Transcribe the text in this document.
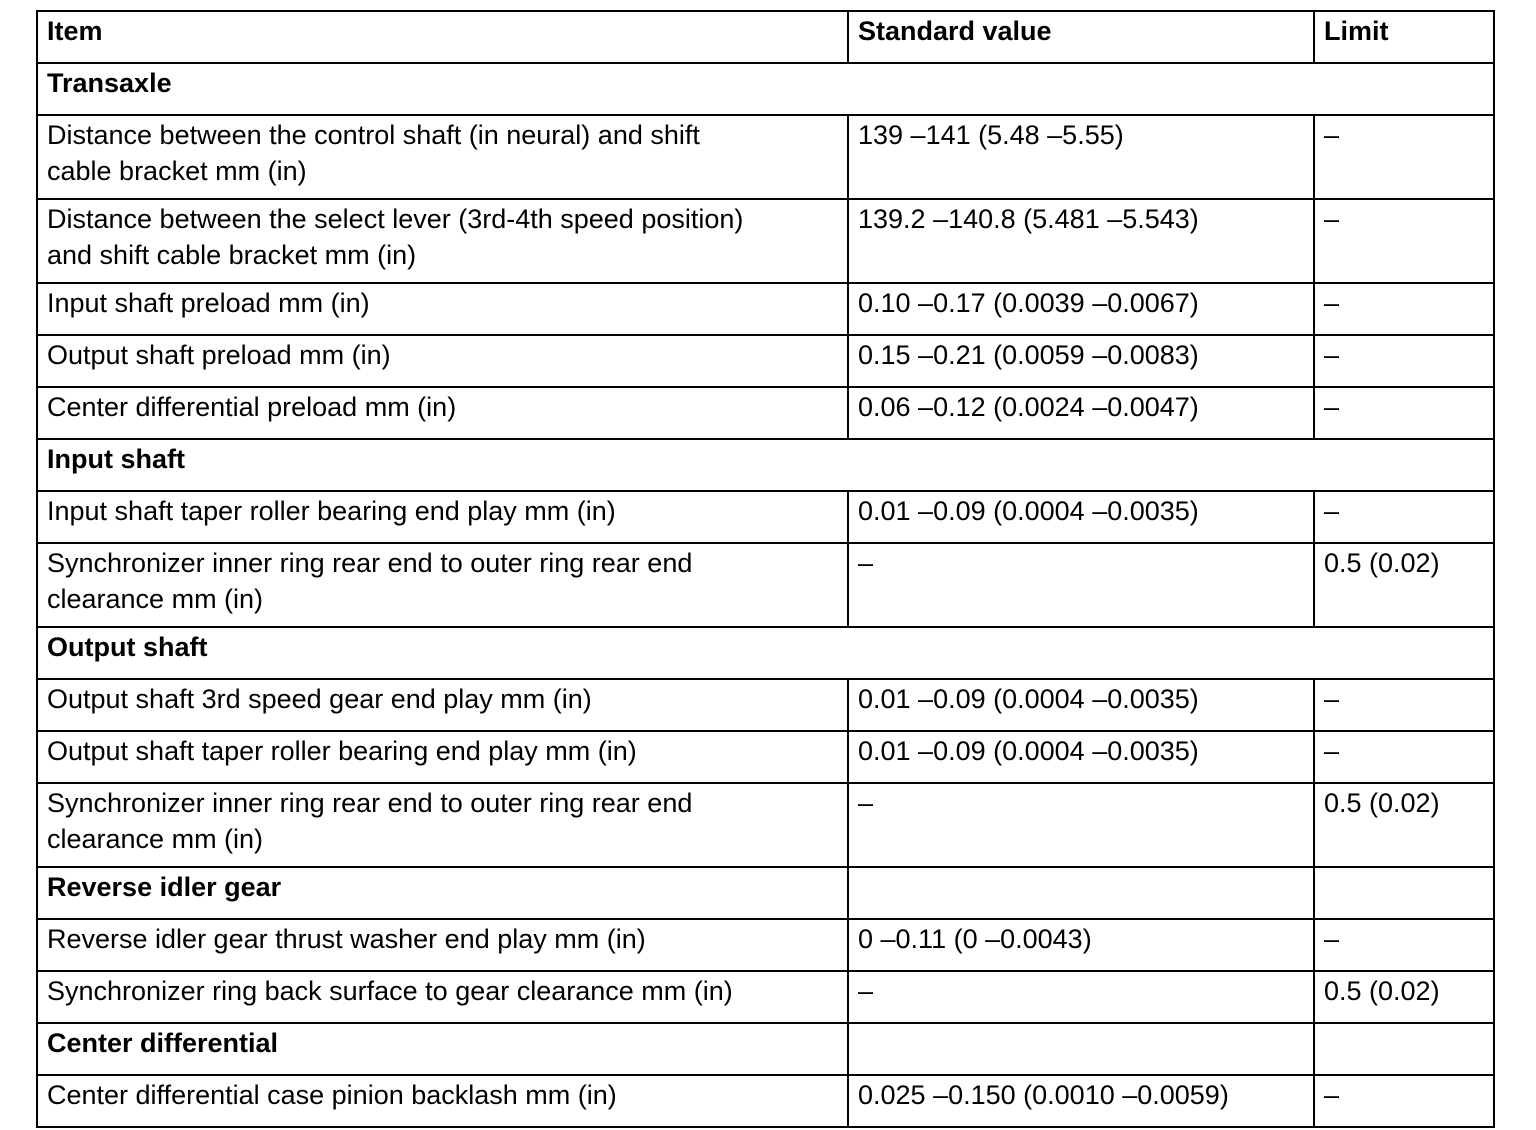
Item	Standard value	Limit
Transaxle		
Distance between the control shaft (in neural) and shift
cable bracket mm (in)	139 –141 (5.48 –5.55)	–
Distance between the select lever (3rd-4th speed position)
and shift cable bracket mm (in)	139.2 –140.8 (5.481 –5.543)	–
Input shaft preload mm (in)	0.10 –0.17 (0.0039 –0.0067)	–
Output shaft preload mm (in)	0.15 –0.21 (0.0059 –0.0083)	–
Center differential preload mm (in)	0.06 –0.12 (0.0024 –0.0047)	–
Input shaft		
Input shaft taper roller bearing end play mm (in)	0.01 –0.09 (0.0004 –0.0035)	–
Synchronizer inner ring rear end to outer ring rear end
clearance mm (in)	–	0.5 (0.02)
Output shaft		
Output shaft 3rd speed gear end play mm (in)	0.01 –0.09 (0.0004 –0.0035)	–
Output shaft taper roller bearing end play mm (in)	0.01 –0.09 (0.0004 –0.0035)	–
Synchronizer inner ring rear end to outer ring rear end
clearance mm (in)	–	0.5 (0.02)
Reverse idler gear		
Reverse idler gear thrust washer end play mm (in)	0 –0.11 (0 –0.0043)	–
Synchronizer ring back surface to gear clearance mm (in)	–	0.5 (0.02)
Center differential		
Center differential case pinion backlash mm (in)	0.025 –0.150 (0.0010 –0.0059)	–
